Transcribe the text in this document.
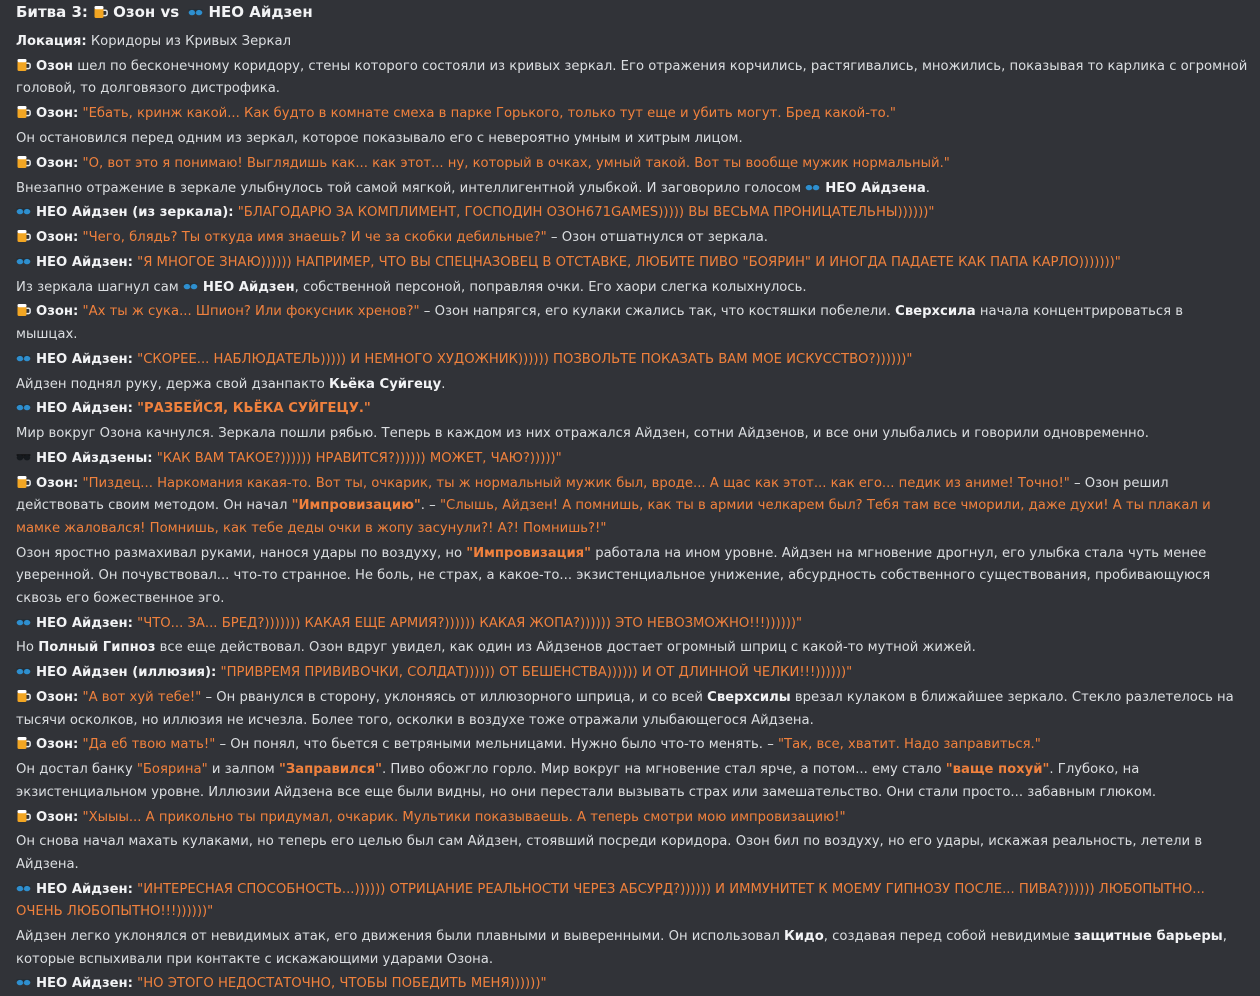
Битва 3:
Озон vs
НЕО Айдзен
Локация: Коридоры из Кривых Зеркал
Озон шел по бесконечному коридору, стены которого состояли из кривых зеркал. Его отражения корчились, растягивались, множились, показывая то карлика с огромной головой, то долговязого дистрофика.
Озон: "Ебать, кринж какой... Как будто в комнате смеха в парке Горького, только тут еще и убить могут. Бред какой-то."
Он остановился перед одним из зеркал, которое показывало его с невероятно умным и хитрым лицом.
Озон: "О, вот это я понимаю! Выглядишь как... как этот... ну, который в очках, умный такой. Вот ты вообще мужик нормальный."
Внезапно отражение в зеркале улыбнулось той самой мягкой, интеллигентной улыбкой. И заговорило голосом
НЕО Айдзена.
НЕО Айдзен (из зеркала): "БЛАГОДАРЮ ЗА КОМПЛИМЕНТ, ГОСПОДИН ОЗОН671GAMES))))) ВЫ ВЕСЬМА ПРОНИЦАТЕЛЬНЫ))))))"
Озон: "Чего, блядь? Ты откуда имя знаешь? И че за скобки дебильные?" – Озон отшатнулся от зеркала.
НЕО Айдзен: "Я МНОГОЕ ЗНАЮ)))))) НАПРИМЕР, ЧТО ВЫ СПЕЦНАЗОВЕЦ В ОТСТАВКЕ, ЛЮБИТЕ ПИВО "БОЯРИН" И ИНОГДА ПАДАЕТЕ КАК ПАПА КАРЛО)))))))"
Из зеркала шагнул сам
НЕО Айдзен, собственной персоной, поправляя очки. Его хаори слегка колыхнулось.
Озон: "Ах ты ж сука... Шпион? Или фокусник хренов?" – Озон напрягся, его кулаки сжались так, что костяшки побелели. Сверхсила начала концентрироваться в мышцах.
НЕО Айдзен: "СКОРЕЕ... НАБЛЮДАТЕЛЬ))))) И НЕМНОГО ХУДОЖНИК)))))) ПОЗВОЛЬТЕ ПОКАЗАТЬ ВАМ МОЕ ИСКУССТВО?))))))"
Айдзен поднял руку, держа свой дзанпакто Кьёка Суйгецу.
НЕО Айдзен: "РАЗБЕЙСЯ, КЬЁКА СУЙГЕЦУ."
Мир вокруг Озона качнулся. Зеркала пошли рябью. Теперь в каждом из них отражался Айдзен, сотни Айдзенов, и все они улыбались и говорили одновременно.
НЕО Айздзены: "КАК ВАМ ТАКОЕ?)))))) НРАВИТСЯ?)))))) МОЖЕТ, ЧАЮ?)))))"
Озон: "Пиздец... Наркомания какая-то. Вот ты, очкарик, ты ж нормальный мужик был, вроде... А щас как этот... как его... педик из аниме! Точно!" – Озон решил действовать своим методом. Он начал "Импровизацию". – "Слышь, Айдзен! А помнишь, как ты в армии челкарем был? Тебя там все чморили, даже духи! А ты плакал и мамке жаловался! Помнишь, как тебе деды очки в жопу засунули?! А?! Помнишь?!"
Озон яростно размахивал руками, нанося удары по воздуху, но "Импровизация" работала на ином уровне. Айдзен на мгновение дрогнул, его улыбка стала чуть менее уверенной. Он почувствовал... что-то странное. Не боль, не страх, а какое-то... экзистенциальное унижение, абсурдность собственного существования, пробивающуюся сквозь его божественное эго.
НЕО Айдзен: "ЧТО... ЗА... БРЕД?))))))) КАКАЯ ЕЩЕ АРМИЯ?)))))) КАКАЯ ЖОПА?)))))) ЭТО НЕВОЗМОЖНО!!!))))))"
Но Полный Гипноз все еще действовал. Озон вдруг увидел, как один из Айдзенов достает огромный шприц с какой-то мутной жижей.
НЕО Айдзен (иллюзия): "ПРИВРЕМЯ ПРИВИВОЧКИ, СОЛДАТ)))))) ОТ БЕШЕНСТВА)))))) И ОТ ДЛИННОЙ ЧЕЛКИ!!!))))))"
Озон: "А вот хуй тебе!" – Он рванулся в сторону, уклоняясь от иллюзорного шприца, и со всей Сверхсилы врезал кулаком в ближайшее зеркало. Стекло разлетелось на тысячи осколков, но иллюзия не исчезла. Более того, осколки в воздухе тоже отражали улыбающегося Айдзена.
Озон: "Да еб твою мать!" – Он понял, что бьется с ветряными мельницами. Нужно было что-то менять. – "Так, все, хватит. Надо заправиться."
Он достал банку "Боярина" и залпом "Заправился". Пиво обожгло горло. Мир вокруг на мгновение стал ярче, а потом... ему стало "ваще похуй". Глубоко, на экзистенциальном уровне. Иллюзии Айдзена все еще были видны, но они перестали вызывать страх или замешательство. Они стали просто... забавным глюком.
Озон: "Хыыы... А прикольно ты придумал, очкарик. Мультики показываешь. А теперь смотри мою импровизацию!"
Он снова начал махать кулаками, но теперь его целью был сам Айдзен, стоявший посреди коридора. Озон бил по воздуху, но его удары, искажая реальность, летели в Айдзена.
НЕО Айдзен: "ИНТЕРЕСНАЯ СПОСОБНОСТЬ...)))))) ОТРИЦАНИЕ РЕАЛЬНОСТИ ЧЕРЕЗ АБСУРД?)))))) И ИММУНИТЕТ К МОЕМУ ГИПНОЗУ ПОСЛЕ... ПИВА?)))))) ЛЮБОПЫТНО... ОЧЕНЬ ЛЮБОПЫТНО!!!))))))"
Айдзен легко уклонялся от невидимых атак, его движения были плавными и выверенными. Он использовал Кидо, создавая перед собой невидимые защитные барьеры, которые вспыхивали при контакте с искажающими ударами Озона.
НЕО Айдзен: "НО ЭТОГО НЕДОСТАТОЧНО, ЧТОБЫ ПОБЕДИТЬ МЕНЯ))))))"
